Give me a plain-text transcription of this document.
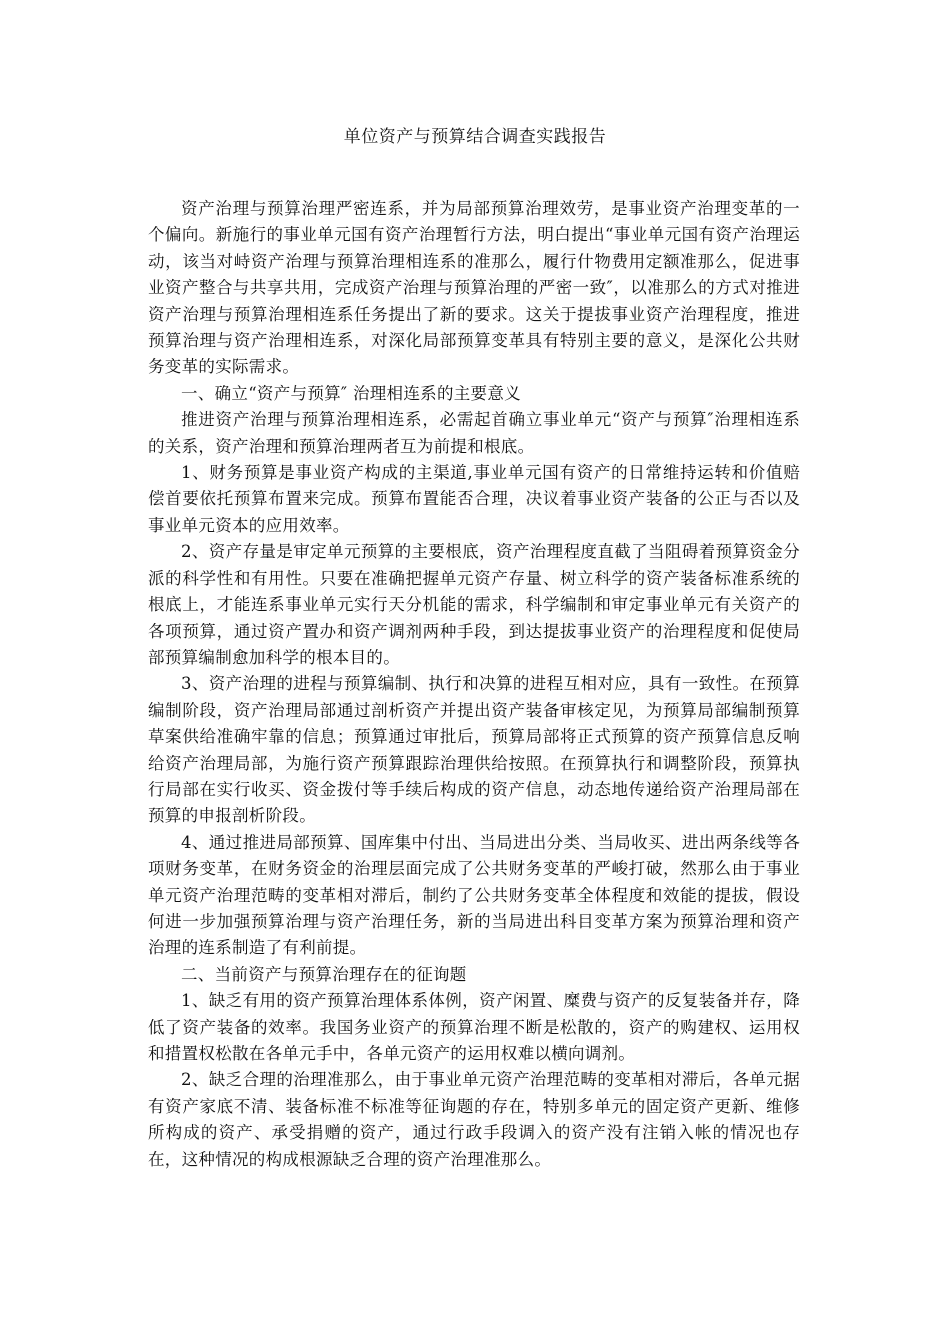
单位资产与预算结合调查实践报告

资产治理与预算治理严密连系，并为局部预算治理效劳，是事业资产治理变革的一个偏向。新施行的事业单元国有资产治理暂行方法，明白提出“事业单元国有资产治理运动，该当对峙资产治理与预算治理相连系的准那么，履行什物费用定额准那么，促进事业资产整合与共享共用，完成资产治理与预算治理的严密一致″，以准那么的方式对推进资产治理与预算治理相连系任务提出了新的要求。这关于提拔事业资产治理程度，推进预算治理与资产治理相连系，对深化局部预算变革具有特别主要的意义，是深化公共财务变革的实际需求。

一、确立“资产与预算″ 治理相连系的主要意义

推进资产治理与预算治理相连系，必需起首确立事业单元“资产与预算″治理相连系的关系，资产治理和预算治理两者互为前提和根底。

1、财务预算是事业资产构成的主渠道,事业单元国有资产的日常维持运转和价值赔偿首要依托预算布置来完成。预算布置能否合理，决议着事业资产装备的公正与否以及事业单元资本的应用效率。

2、资产存量是审定单元预算的主要根底，资产治理程度直截了当阻碍着预算资金分派的科学性和有用性。只要在准确把握单元资产存量、树立科学的资产装备标准系统的根底上，才能连系事业单元实行天分机能的需求，科学编制和审定事业单元有关资产的各项预算，通过资产置办和资产调剂两种手段，到达提拔事业资产的治理程度和促使局部预算编制愈加科学的根本目的。

3、资产治理的进程与预算编制、执行和决算的进程互相对应，具有一致性。在预算编制阶段，资产治理局部通过剖析资产并提出资产装备审核定见，为预算局部编制预算草案供给准确牢靠的信息；预算通过审批后，预算局部将正式预算的资产预算信息反响给资产治理局部，为施行资产预算跟踪治理供给按照。在预算执行和调整阶段，预算执行局部在实行收买、资金拨付等手续后构成的资产信息，动态地传递给资产治理局部在预算的申报剖析阶段。

4、通过推进局部预算、国库集中付出、当局进出分类、当局收买、进出两条线等各项财务变革，在财务资金的治理层面完成了公共财务变革的严峻打破，然那么由于事业单元资产治理范畴的变革相对滞后，制约了公共财务变革全体程度和效能的提拔，假设何进一步加强预算治理与资产治理任务，新的当局进出科目变革方案为预算治理和资产治理的连系制造了有利前提。

二、当前资产与预算治理存在的征询题

1、缺乏有用的资产预算治理体系体例，资产闲置、糜费与资产的反复装备并存，降低了资产装备的效率。我国务业资产的预算治理不断是松散的，资产的购建权、运用权和措置权松散在各单元手中，各单元资产的运用权难以横向调剂。

2、缺乏合理的治理准那么，由于事业单元资产治理范畴的变革相对滞后，各单元据有资产家底不清、装备标准不标准等征询题的存在，特别多单元的固定资产更新、维修所构成的资产、承受捐赠的资产，通过行政手段调入的资产没有注销入帐的情况也存在，这种情况的构成根源缺乏合理的资产治理准那么。
